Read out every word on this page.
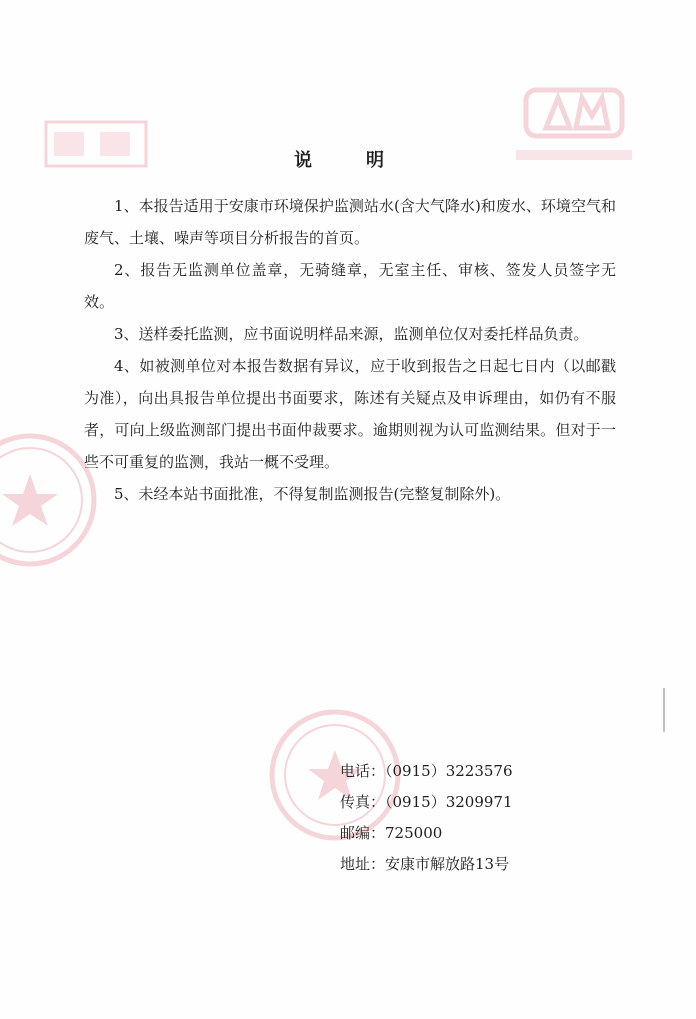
说　明

1、本报告适用于安康市环境保护监测站水(含大气降水)和废水、环境空气和废气、土壤、噪声等项目分析报告的首页。

2、报告无监测单位盖章，无骑缝章，无室主任、审核、签发人员签字无效。

3、送样委托监测，应书面说明样品来源，监测单位仅对委托样品负责。

4、如被测单位对本报告数据有异议，应于收到报告之日起七日内（以邮戳为准），向出具报告单位提出书面要求，陈述有关疑点及申诉理由，如仍有不服者，可向上级监测部门提出书面仲裁要求。逾期则视为认可监测结果。但对于一些不可重复的监测，我站一概不受理。

5、未经本站书面批准，不得复制监测报告(完整复制除外)。

电话：（0915）3223576
传真：（0915）3209971
邮编：725000
地址：安康市解放路13号
